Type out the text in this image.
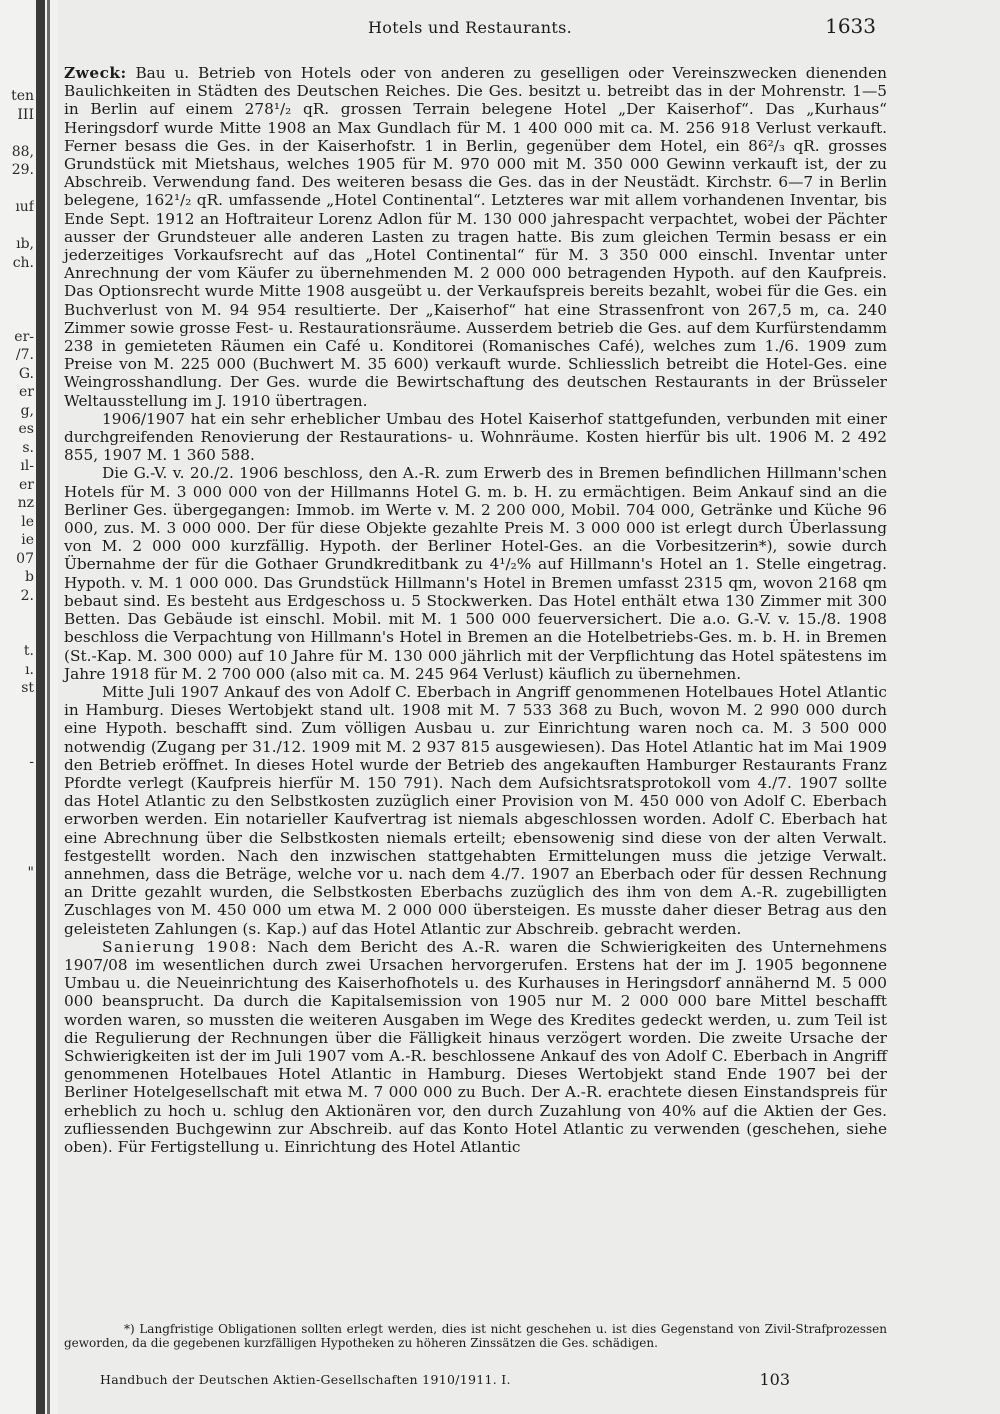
ten
III
88,
29.
ıuf
ıb,
ch.
er-
/7.
G.
er
g,
es
s.
ıl-
er
nz
le
ie
07
b
2.
t.
ı.
st
-
"
Hotels und Restaurants.	1633

Zweck: Bau u. Betrieb von Hotels oder von anderen zu geselligen oder Vereinszwecken dienenden Baulichkeiten in Städten des Deutschen Reiches. Die Ges. besitzt u. betreibt das in der Mohrenstr. 1—5 in Berlin auf einem 278¹/₂ qR. grossen Terrain belegene Hotel „Der Kaiserhof“. Das „Kurhaus“ Heringsdorf wurde Mitte 1908 an Max Gundlach für M. 1 400 000 mit ca. M. 256 918 Verlust verkauft. Ferner besass die Ges. in der Kaiserhofstr. 1 in Berlin, gegenüber dem Hotel, ein 86²/₃ qR. grosses Grundstück mit Mietshaus, welches 1905 für M. 970 000 mit M. 350 000 Gewinn verkauft ist, der zu Abschreib. Verwendung fand. Des weiteren besass die Ges. das in der Neustädt. Kirchstr. 6—7 in Berlin belegene, 162¹/₂ qR. umfassende „Hotel Continental“. Letzteres war mit allem vorhandenen Inventar, bis Ende Sept. 1912 an Hoftraiteur Lorenz Adlon für M. 130 000 jahrespacht verpachtet, wobei der Pächter ausser der Grundsteuer alle anderen Lasten zu tragen hatte. Bis zum gleichen Termin besass er ein jederzeitiges Vorkaufsrecht auf das „Hotel Continental“ für M. 3 350 000 einschl. Inventar unter Anrechnung der vom Käufer zu übernehmenden M. 2 000 000 betragenden Hypoth. auf den Kaufpreis. Das Optionsrecht wurde Mitte 1908 ausgeübt u. der Verkaufspreis bereits bezahlt, wobei für die Ges. ein Buchverlust von M. 94 954 resultierte. Der „Kaiserhof“ hat eine Strassenfront von 267,5 m, ca. 240 Zimmer sowie grosse Fest- u. Restaurationsräume. Ausserdem betrieb die Ges. auf dem Kurfürstendamm 238 in gemieteten Räumen ein Café u. Konditorei (Romanisches Café), welches zum 1./6. 1909 zum Preise von M. 225 000 (Buchwert M. 35 600) verkauft wurde. Schliesslich betreibt die Hotel-Ges. eine Weingrosshandlung. Der Ges. wurde die Bewirtschaftung des deutschen Restaurants in der Brüsseler Weltausstellung im J. 1910 übertragen.

1906/1907 hat ein sehr erheblicher Umbau des Hotel Kaiserhof stattgefunden, verbunden mit einer durchgreifenden Renovierung der Restaurations- u. Wohnräume. Kosten hierfür bis ult. 1906 M. 2 492 855, 1907 M. 1 360 588.

Die G.-V. v. 20./2. 1906 beschloss, den A.-R. zum Erwerb des in Bremen befindlichen Hillmann'schen Hotels für M. 3 000 000 von der Hillmanns Hotel G. m. b. H. zu ermächtigen. Beim Ankauf sind an die Berliner Ges. übergegangen: Immob. im Werte v. M. 2 200 000, Mobil. 704 000, Getränke und Küche 96 000, zus. M. 3 000 000. Der für diese Objekte gezahlte Preis M. 3 000 000 ist erlegt durch Überlassung von M. 2 000 000 kurzfällig. Hypoth. der Berliner Hotel-Ges. an die Vorbesitzerin*), sowie durch Übernahme der für die Gothaer Grundkreditbank zu 4¹/₂% auf Hillmann's Hotel an 1. Stelle eingetrag. Hypoth. v. M. 1 000 000. Das Grundstück Hillmann's Hotel in Bremen umfasst 2315 qm, wovon 2168 qm bebaut sind. Es besteht aus Erdgeschoss u. 5 Stockwerken. Das Hotel enthält etwa 130 Zimmer mit 300 Betten. Das Gebäude ist einschl. Mobil. mit M. 1 500 000 feuerversichert. Die a.o. G.-V. v. 15./8. 1908 beschloss die Verpachtung von Hillmann's Hotel in Bremen an die Hotelbetriebs-Ges. m. b. H. in Bremen (St.-Kap. M. 300 000) auf 10 Jahre für M. 130 000 jährlich mit der Verpflichtung das Hotel spätestens im Jahre 1918 für M. 2 700 000 (also mit ca. M. 245 964 Verlust) käuflich zu übernehmen.

Mitte Juli 1907 Ankauf des von Adolf C. Eberbach in Angriff genommenen Hotelbaues Hotel Atlantic in Hamburg. Dieses Wertobjekt stand ult. 1908 mit M. 7 533 368 zu Buch, wovon M. 2 990 000 durch eine Hypoth. beschafft sind. Zum völligen Ausbau u. zur Einrichtung waren noch ca. M. 3 500 000 notwendig (Zugang per 31./12. 1909 mit M. 2 937 815 ausgewiesen). Das Hotel Atlantic hat im Mai 1909 den Betrieb eröffnet. In dieses Hotel wurde der Betrieb des angekauften Hamburger Restaurants Franz Pfordte verlegt (Kaufpreis hierfür M. 150 791). Nach dem Aufsichtsratsprotokoll vom 4./7. 1907 sollte das Hotel Atlantic zu den Selbstkosten zuzüglich einer Provision von M. 450 000 von Adolf C. Eberbach erworben werden. Ein notarieller Kaufvertrag ist niemals abgeschlossen worden. Adolf C. Eberbach hat eine Abrechnung über die Selbstkosten niemals erteilt; ebensowenig sind diese von der alten Verwalt. festgestellt worden. Nach den inzwischen stattgehabten Ermittelungen muss die jetzige Verwalt. annehmen, dass die Beträge, welche vor u. nach dem 4./7. 1907 an Eberbach oder für dessen Rechnung an Dritte gezahlt wurden, die Selbstkosten Eberbachs zuzüglich des ihm von dem A.-R. zugebilligten Zuschlages von M. 450 000 um etwa M. 2 000 000 übersteigen. Es musste daher dieser Betrag aus den geleisteten Zahlungen (s. Kap.) auf das Hotel Atlantic zur Abschreib. gebracht werden.

Sanierung 1908: Nach dem Bericht des A.-R. waren die Schwierigkeiten des Unternehmens 1907/08 im wesentlichen durch zwei Ursachen hervorgerufen. Erstens hat der im J. 1905 begonnene Umbau u. die Neueinrichtung des Kaiserhofhotels u. des Kurhauses in Heringsdorf annähernd M. 5 000 000 beansprucht. Da durch die Kapitalsemission von 1905 nur M. 2 000 000 bare Mittel beschafft worden waren, so mussten die weiteren Ausgaben im Wege des Kredites gedeckt werden, u. zum Teil ist die Regulierung der Rechnungen über die Fälligkeit hinaus verzögert worden. Die zweite Ursache der Schwierigkeiten ist der im Juli 1907 vom A.-R. beschlossene Ankauf des von Adolf C. Eberbach in Angriff genommenen Hotelbaues Hotel Atlantic in Hamburg. Dieses Wertobjekt stand Ende 1907 bei der Berliner Hotelgesellschaft mit etwa M. 7 000 000 zu Buch. Der A.-R. erachtete diesen Einstandspreis für erheblich zu hoch u. schlug den Aktionären vor, den durch Zuzahlung von 40% auf die Aktien der Ges. zufliessenden Buchgewinn zur Abschreib. auf das Konto Hotel Atlantic zu verwenden (geschehen, siehe oben). Für Fertigstellung u. Einrichtung des Hotel Atlantic

*) Langfristige Obligationen sollten erlegt werden, dies ist nicht geschehen u. ist dies Gegenstand von Zivil-Strafprozessen geworden, da die gegebenen kurzfälligen Hypotheken zu höheren Zinssätzen die Ges. schädigen.
Handbuch der Deutschen Aktien-Gesellschaften 1910/1911. I.	103
